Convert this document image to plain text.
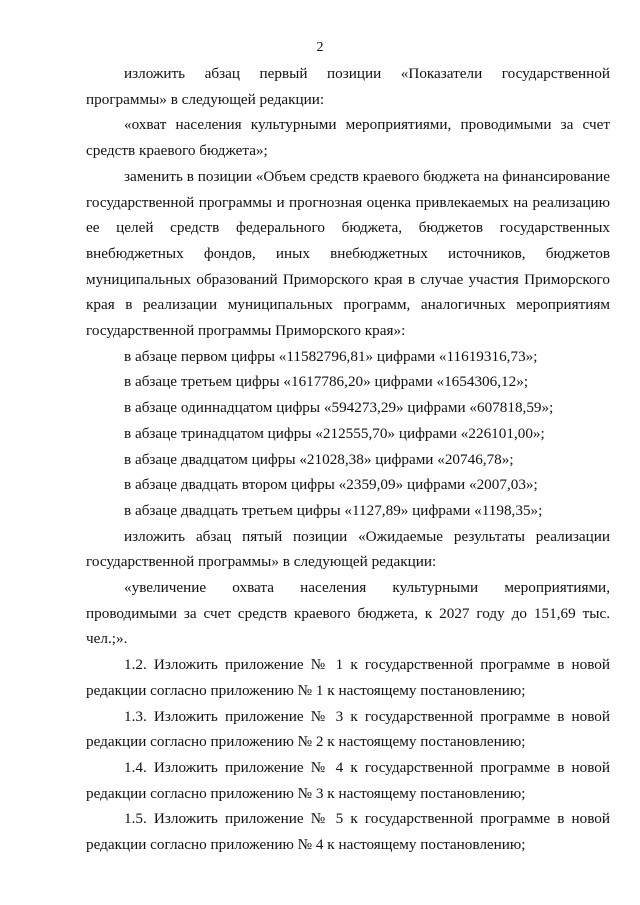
2

изложить абзац первый позиции «Показатели государственной программы» в следующей редакции:

«охват населения культурными мероприятиями, проводимыми за счет средств краевого бюджета»;

заменить в позиции «Объем средств краевого бюджета на финансирование государственной программы и прогнозная оценка привлекаемых на реализацию ее целей средств федерального бюджета, бюджетов государственных внебюджетных фондов, иных внебюджетных источников, бюджетов муниципальных образований Приморского края в случае участия Приморского края в реализации муниципальных программ, аналогичных мероприятиям государственной программы Приморского края»:

в абзаце первом цифры «11582796,81» цифрами «11619316,73»;

в абзаце третьем цифры «1617786,20» цифрами «1654306,12»;

в абзаце одиннадцатом цифры «594273,29» цифрами «607818,59»;

в абзаце тринадцатом цифры «212555,70» цифрами «226101,00»;

в абзаце двадцатом цифры «21028,38» цифрами «20746,78»;

в абзаце двадцать втором цифры «2359,09» цифрами «2007,03»;

в абзаце двадцать третьем цифры «1127,89» цифрами «1198,35»;

изложить абзац пятый позиции «Ожидаемые результаты реализации государственной программы» в следующей редакции:

«увеличение охвата населения культурными мероприятиями, проводимыми за счет средств краевого бюджета, к 2027 году до 151,69 тыс. чел.;».

1.2. Изложить приложение № 1 к государственной программе в новой редакции согласно приложению № 1 к настоящему постановлению;

1.3. Изложить приложение № 3 к государственной программе в новой редакции согласно приложению № 2 к настоящему постановлению;

1.4. Изложить приложение № 4 к государственной программе в новой редакции согласно приложению № 3 к настоящему постановлению;

1.5. Изложить приложение № 5 к государственной программе в новой редакции согласно приложению № 4 к настоящему постановлению;
